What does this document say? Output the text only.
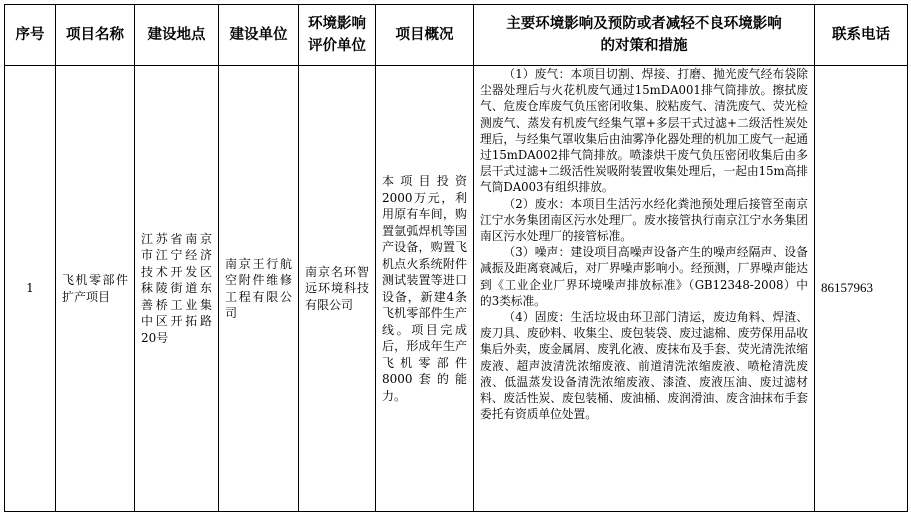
序号	项目名称	建设地点	建设单位	环境影响评价单位	项目概况	主要环境影响及预防或者减轻不良环境影响的对策和措施	联系电话
1	飞机零部件扩产项目	江苏省南京市江宁经济技术开发区秣陵街道东善桥工业集中区开拓路20号	南京王行航空附件维修工程有限公司	南京名环智远环境科技有限公司	本项目投资2000万元，利用原有车间，购置氩弧焊机等国产设备，购置飞机点火系统附件测试装置等进口设备，新建4条飞机零部件生产线。项目完成后，形成年生产飞机零部件8000套的能力。	（1）废气：本项目切割、焊接、打磨、抛光废气经布袋除尘器处理后与火花机废气通过15mDA001排气筒排放。擦拭废气、危废仓库废气负压密闭收集、胶粘废气、清洗废气、荧光检测废气、蒸发有机废气经集气罩+多层干式过滤+二级活性炭处理后，与经集气罩收集后由油雾净化器处理的机加工废气一起通过15mDA002排气筒排放。喷漆烘干废气负压密闭收集后由多层干式过滤+二级活性炭吸附装置收集处理后，一起由15m高排气筒DA003有组织排放。

（2）废水：本项目生活污水经化粪池预处理后接管至南京江宁水务集团南区污水处理厂。废水接管执行南京江宁水务集团南区污水处理厂的接管标准。

（3）噪声：建设项目高噪声设备产生的噪声经隔声、设备减振及距离衰减后，对厂界噪声影响小。经预测，厂界噪声能达到《工业企业厂界环境噪声排放标准》（GB12348-2008）中的3类标准。

（4）固废：生活垃圾由环卫部门清运，废边角料、焊渣、废刀具、废砂料、收集尘、废包装袋、废过滤棉、废劳保用品收集后外卖，废金属屑、废乳化液、废抹布及手套、荧光清洗浓缩废液、超声波清洗浓缩废液、前道清洗浓缩废液、喷枪清洗废液、低温蒸发设备清洗浓缩废液、漆渣、废液压油、废过滤材料、废活性炭、废包装桶、废油桶、废润滑油、废含油抹布手套委托有资质单位处置。	86157963
